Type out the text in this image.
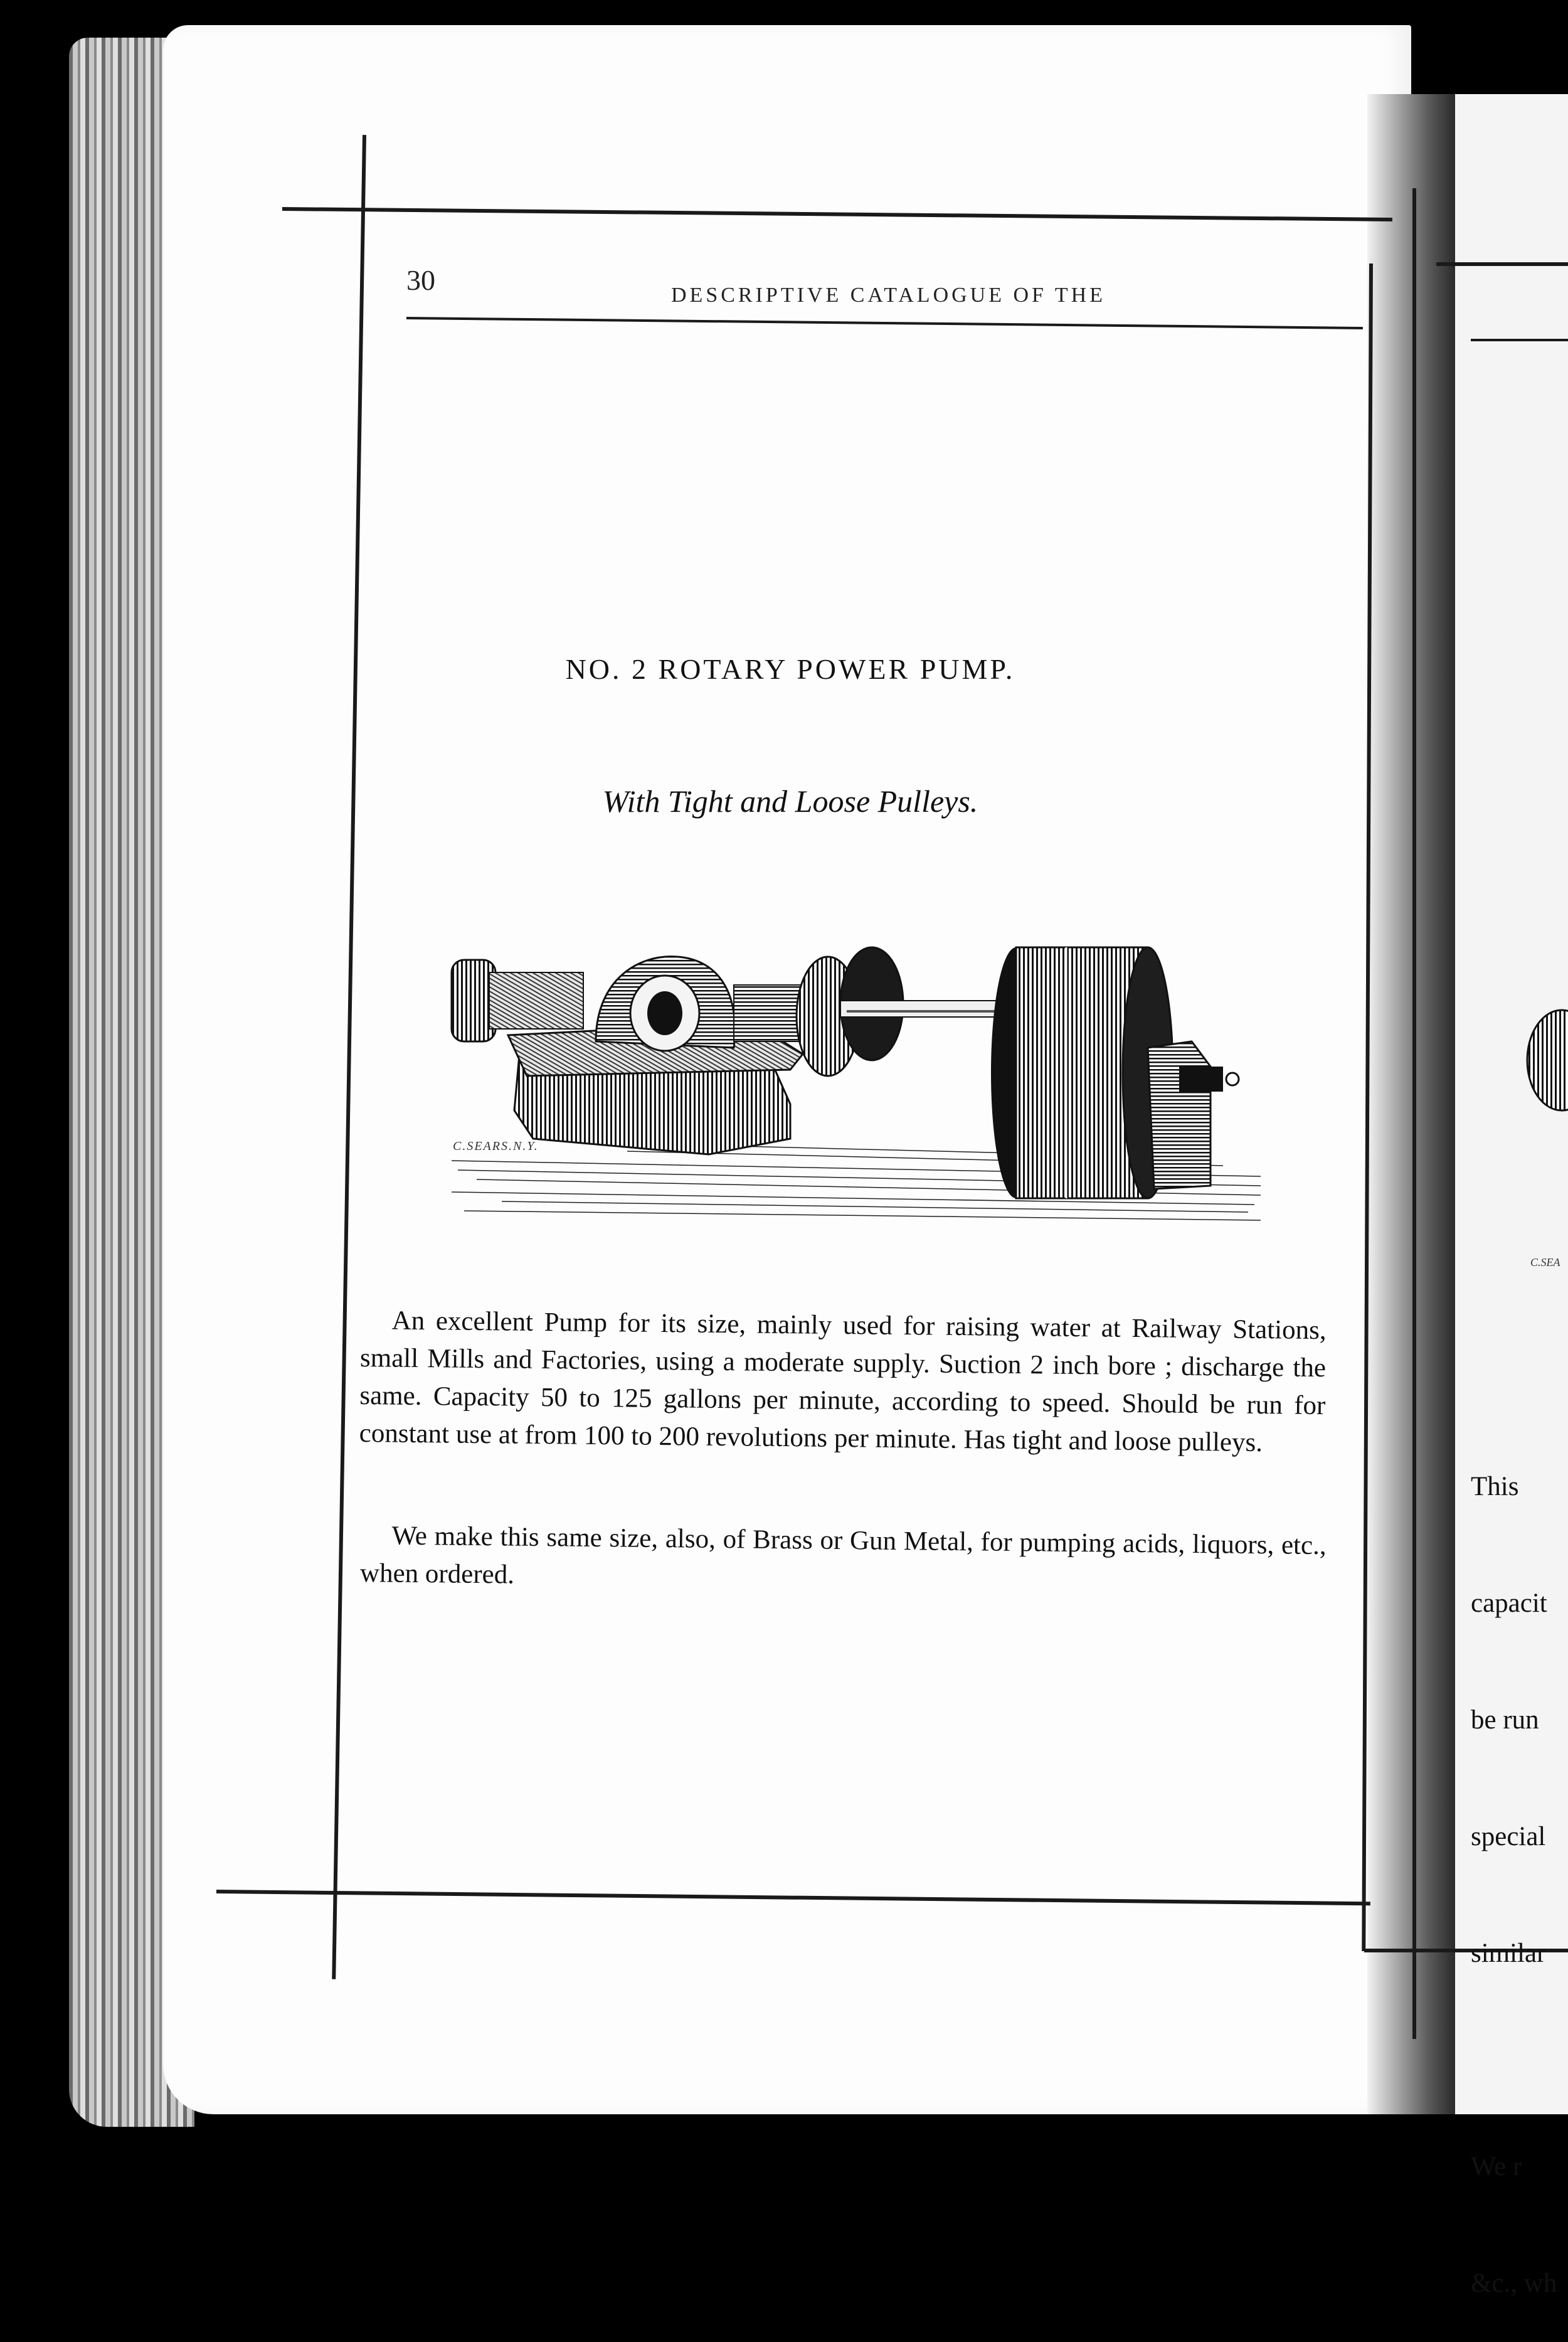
30	DESCRIPTIVE CATALOGUE OF THE
NO. 2 ROTARY POWER PUMP.
With Tight and Loose Pulleys.
C.SEARS.N.Y.
An excellent Pump for its size, mainly used for raising water at Railway Stations, small Mills and Factories, using a moderate supply. Suction 2 inch bore ; discharge the same. Capacity 50 to 125 gallons per minute, according to speed. Should be run for constant use at from 100 to 200 revolutions per minute. Has tight and loose pulleys.
We make this same size, also, of Brass or Gun Metal, for pumping acids, liquors, etc., when ordered.
C.SEA

This

capacit

be run

special

similar

We r

&c., wh
